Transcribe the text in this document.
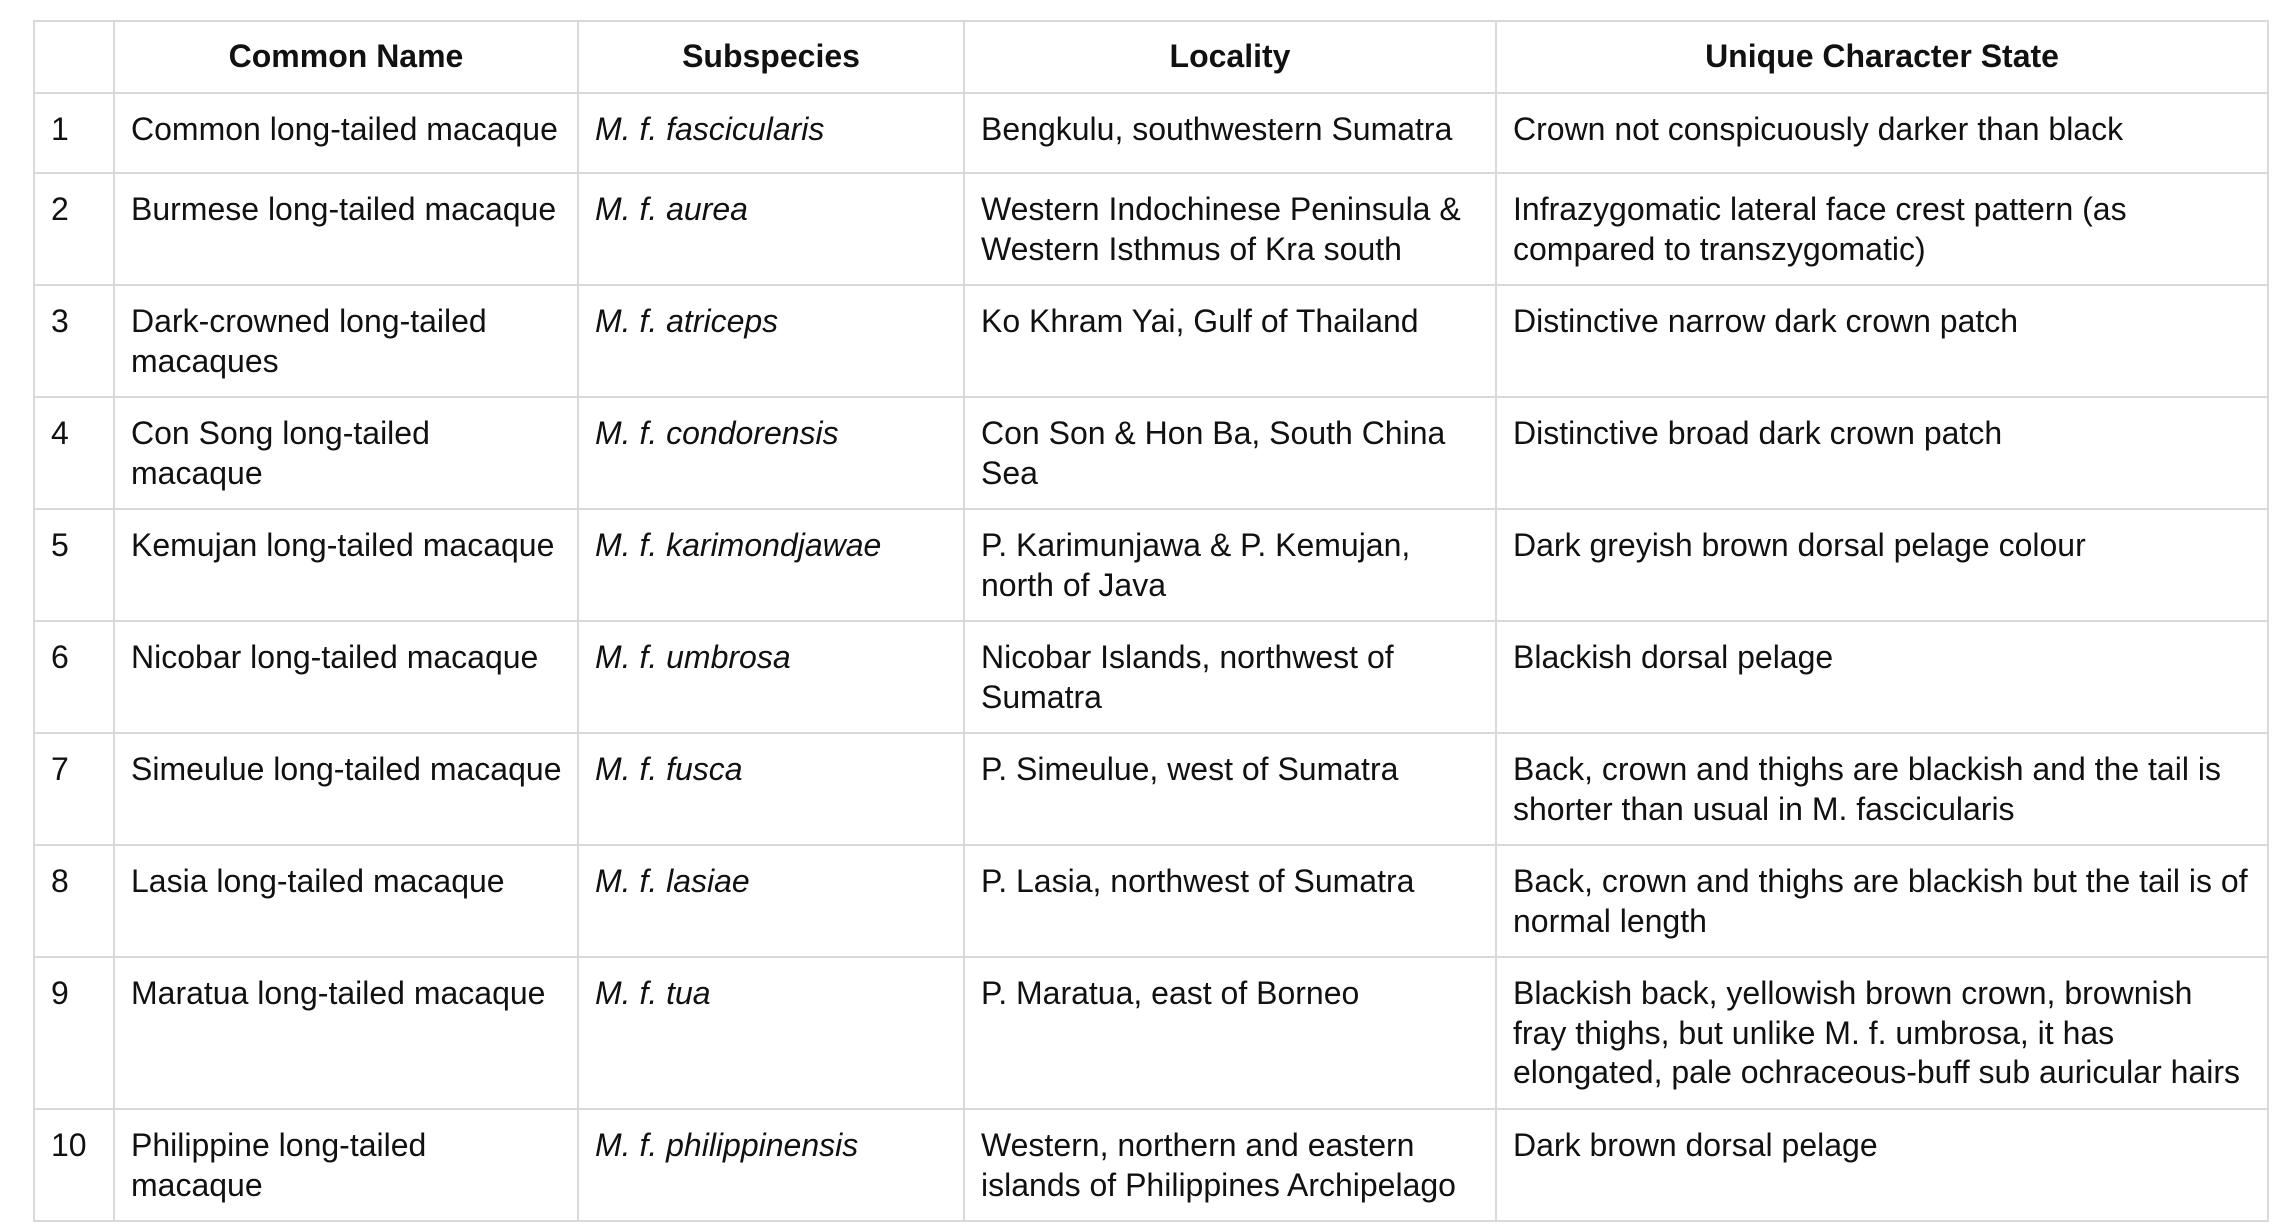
	Common Name	Subspecies	Locality	Unique Character State
1	Common long-tailed macaque	M. f. fascicularis	Bengkulu, southwestern Sumatra	Crown not conspicuously darker than black
2	Burmese long-tailed macaque	M. f. aurea	Western Indochinese Peninsula & Western Isthmus of Kra south	Infrazygomatic lateral face crest pattern (as compared to transzygomatic)
3	Dark-crowned long-tailed macaques	M. f. atriceps	Ko Khram Yai, Gulf of Thailand	Distinctive narrow dark crown patch
4	Con Song long-tailed macaque	M. f. condorensis	Con Son & Hon Ba, South China Sea	Distinctive broad dark crown patch
5	Kemujan long-tailed macaque	M. f. karimondjawae	P. Karimunjawa & P. Kemujan, north of Java	Dark greyish brown dorsal pelage colour
6	Nicobar long-tailed macaque	M. f. umbrosa	Nicobar Islands, northwest of Sumatra	Blackish dorsal pelage
7	Simeulue long-tailed macaque	M. f. fusca	P. Simeulue, west of Sumatra	Back, crown and thighs are blackish and the tail is shorter than usual in M. fascicularis
8	Lasia long-tailed macaque	M. f. lasiae	P. Lasia, northwest of Sumatra	Back, crown and thighs are blackish but the tail is of normal length
9	Maratua long-tailed macaque	M. f. tua	P. Maratua, east of Borneo	Blackish back, yellowish brown crown, brownish fray thighs, but unlike M. f. umbrosa, it has elongated, pale ochraceous-buff sub auricular hairs
10	Philippine long-tailed macaque	M. f. philippinensis	Western, northern and eastern islands of Philippines Archipelago	Dark brown dorsal pelage
